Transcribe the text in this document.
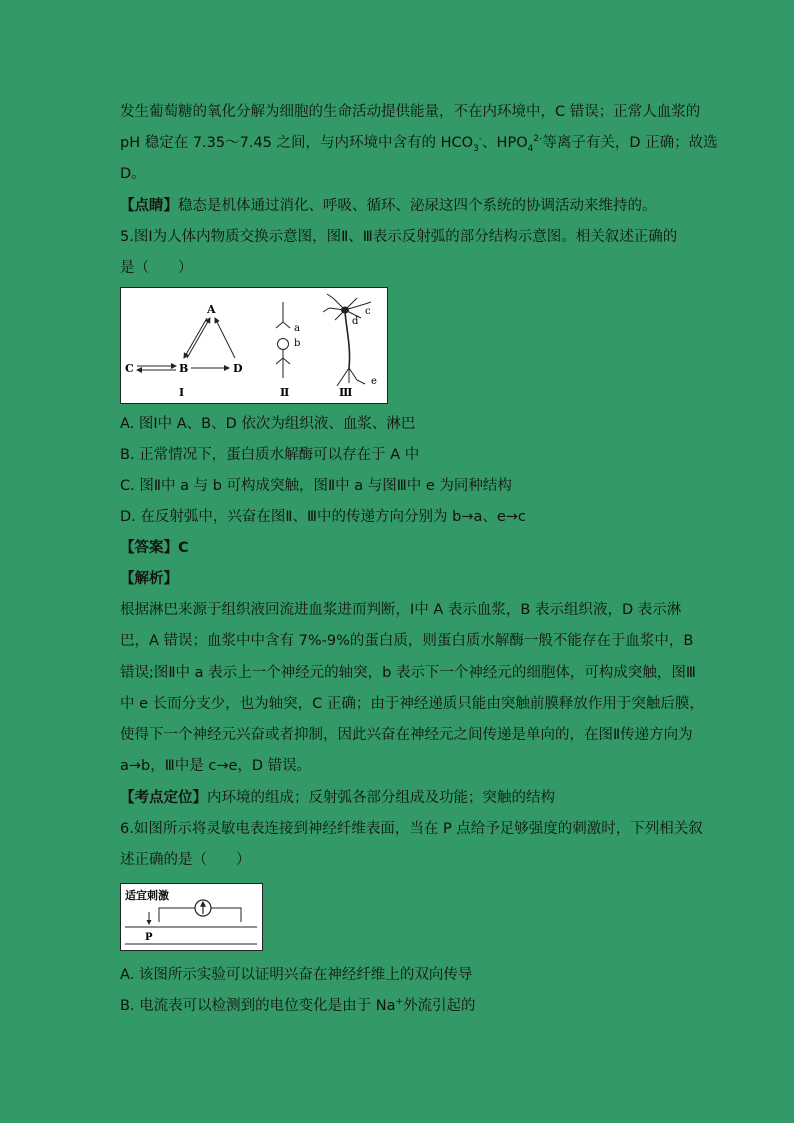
发生葡萄糖的氧化分解为细胞的生命活动提供能量，不在内环境中，C 错误；正常人血浆的
pH 稳定在 7.35～7.45 之间，与内环境中含有的 $HCO_3^-$、$HPO_4^{2-}$等离子有关，D 正确；故选
D。
【点睛】稳态是机体通过消化、呼吸、循环、泌尿这四个系统的协调活动来维持的。
5.图Ⅰ为人体内物质交换示意图，图Ⅱ、Ⅲ表示反射弧的部分结构示意图。相关叙述正确的
是（　　）
A
B
C	D
Ⅰ
a
b
Ⅱ
c
d
e
Ⅲ
A. 图Ⅰ中 A、B、D 依次为组织液、血浆、淋巴
B. 正常情况下，蛋白质水解酶可以存在于 A 中
C. 图Ⅱ中 a 与 b 可构成突触，图Ⅱ中 a 与图Ⅲ中 e 为同种结构
D. 在反射弧中，兴奋在图Ⅱ、Ⅲ中的传递方向分别为 b→a、e→c
【答案】C
【解析】
根据淋巴来源于组织液回流进血浆进而判断，Ⅰ中 A 表示血浆，B 表示组织液，D 表示淋
巴，A 错误；血浆中中含有 7%-9%的蛋白质，则蛋白质水解酶一般不能存在于血浆中，B
错误;图Ⅱ中 a 表示上一个神经元的轴突，b 表示下一个神经元的细胞体，可构成突触，图Ⅲ
中 e 长而分支少，也为轴突，C 正确；由于神经递质只能由突触前膜释放作用于突触后膜，
使得下一个神经元兴奋或者抑制，因此兴奋在神经元之间传递是单向的，在图Ⅱ传递方向为
a→b，Ⅲ中是 c→e，D 错误。
【考点定位】内环境的组成；反射弧各部分组成及功能；突触的结构
6.如图所示将灵敏电表连接到神经纤维表面，当在 P 点给予足够强度的刺激时，下列相关叙
述正确的是（　　）
适宜刺激
P
A. 该图所示实验可以证明兴奋在神经纤维上的双向传导
B. 电流表可以检测到的电位变化是由于 Na+外流引起的
